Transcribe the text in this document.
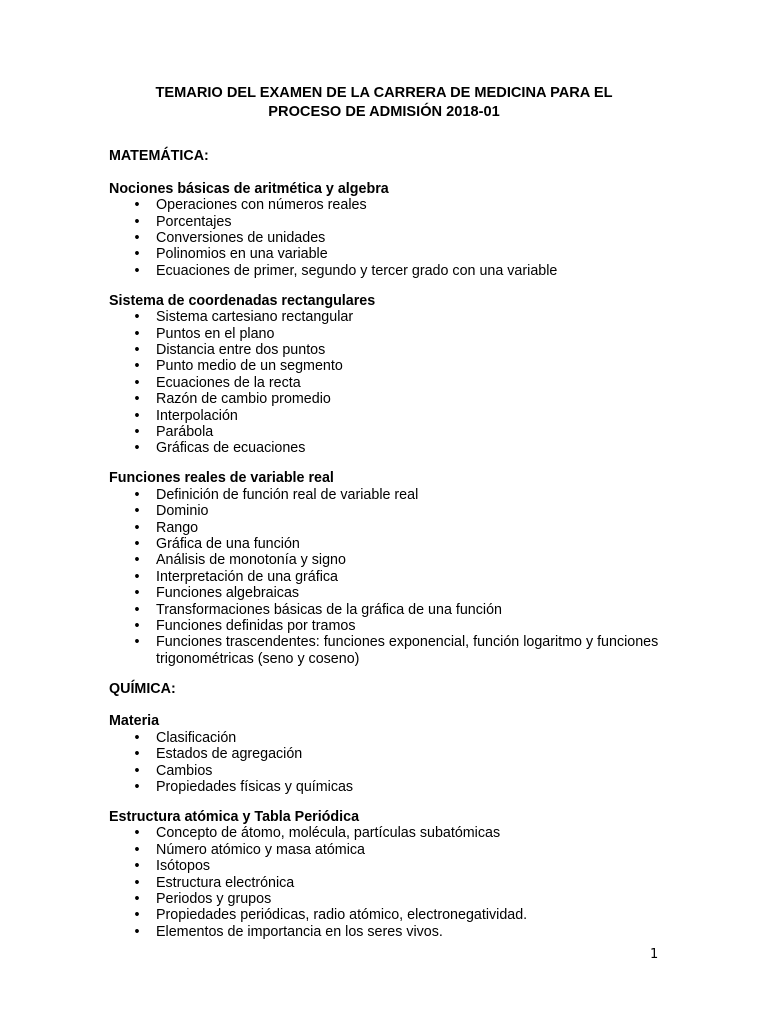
TEMARIO DEL EXAMEN DE LA CARRERA DE MEDICINA PARA EL
PROCESO DE ADMISIÓN 2018-01
MATEMÁTICA:
Nociones básicas de aritmética y algebra
• Operaciones con números reales
• Porcentajes
• Conversiones de unidades
• Polinomios en una variable
• Ecuaciones de primer, segundo y tercer grado con una variable
Sistema de coordenadas rectangulares
• Sistema cartesiano rectangular
• Puntos en el plano
• Distancia entre dos puntos
• Punto medio de un segmento
• Ecuaciones de la recta
• Razón de cambio promedio
• Interpolación
• Parábola
• Gráficas de ecuaciones
Funciones reales de variable real
• Definición de función real de variable real
• Dominio
• Rango
• Gráfica de una función
• Análisis de monotonía y signo
• Interpretación de una gráfica
• Funciones algebraicas
• Transformaciones básicas de la gráfica de una función
• Funciones definidas por tramos
• Funciones trascendentes: funciones exponencial, función logaritmo y funciones trigonométricas (seno y coseno)
QUÍMICA:
Materia
• Clasificación
• Estados de agregación
• Cambios
• Propiedades físicas y químicas
Estructura atómica y Tabla Periódica
• Concepto de átomo, molécula, partículas subatómicas
• Número atómico y masa atómica
• Isótopos
• Estructura electrónica
• Periodos y grupos
• Propiedades periódicas, radio atómico, electronegatividad.
• Elementos de importancia en los seres vivos.
1
